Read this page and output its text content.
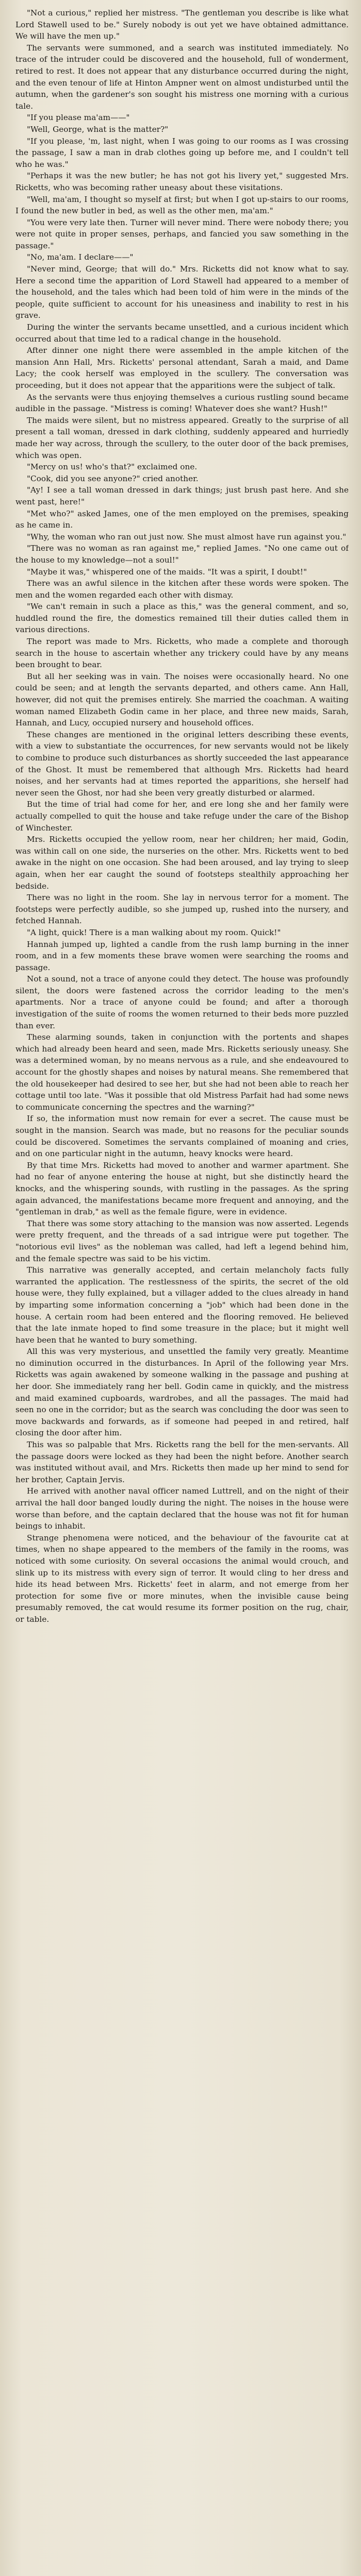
"Not a curious," replied her mistress. "The gentleman you describe is like what Lord Stawell used to be." Surely nobody is out yet we have obtained admittance. We will have the men up."

The servants were summoned, and a search was instituted immediately. No trace of the intruder could be discovered and the household, full of wonderment, retired to rest. It does not appear that any disturbance occurred during the night, and the even tenour of life at Hinton Ampner went on almost undisturbed until the autumn, when the gardener's son sought his mistress one morning with a curious tale.

"If you please ma'am——"

"Well, George, what is the matter?"

"If you please, 'm, last night, when I was going to our rooms as I was crossing the passage, I saw a man in drab clothes going up before me, and I couldn't tell who he was."

"Perhaps it was the new butler; he has not got his livery yet," suggested Mrs. Ricketts, who was becoming rather uneasy about these visitations.

"Well, ma'am, I thought so myself at first; but when I got up-stairs to our rooms, I found the new butler in bed, as well as the other men, ma'am."

"You were very late then. Turner will never mind. There were nobody there; you were not quite in proper senses, perhaps, and fancied you saw something in the passage."

"No, ma'am. I declare——"

"Never mind, George; that will do." Mrs. Ricketts did not know what to say. Here a second time the apparition of Lord Stawell had appeared to a member of the household, and the tales which had been told of him were in the minds of the people, quite sufficient to account for his uneasiness and inability to rest in his grave.

During the winter the servants became unsettled, and a curious incident which occurred about that time led to a radical change in the household.

After dinner one night there were assembled in the ample kitchen of the mansion Ann Hall, Mrs. Ricketts' personal attendant, Sarah a maid, and Dame Lacy; the cook herself was employed in the scullery. The conversation was proceeding, but it does not appear that the apparitions were the subject of talk.

As the servants were thus enjoying themselves a curious rustling sound became audible in the passage. "Mistress is coming! Whatever does she want? Hush!"

The maids were silent, but no mistress appeared. Greatly to the surprise of all present a tall woman, dressed in dark clothing, suddenly appeared and hurriedly made her way across, through the scullery, to the outer door of the back premises, which was open.

"Mercy on us! who's that?" exclaimed one.

"Cook, did you see anyone?" cried another.

"Ay! I see a tall woman dressed in dark things; just brush past here. And she went past, here!"

"Met who?" asked James, one of the men employed on the premises, speaking as he came in.

"Why, the woman who ran out just now. She must almost have run against you."

"There was no woman as ran against me," replied James. "No one came out of the house to my knowledge—not a soul!"

"Maybe it was," whispered one of the maids. "It was a spirit, I doubt!"

There was an awful silence in the kitchen after these words were spoken. The men and the women regarded each other with dismay.

"We can't remain in such a place as this," was the general comment, and so, huddled round the fire, the domestics remained till their duties called them in various directions.

The report was made to Mrs. Ricketts, who made a complete and thorough search in the house to ascertain whether any trickery could have by any means been brought to bear.

But all her seeking was in vain. The noises were occasionally heard. No one could be seen; and at length the servants departed, and others came. Ann Hall, however, did not quit the premises entirely. She married the coachman. A waiting woman named Elizabeth Godin came in her place, and three new maids, Sarah, Hannah, and Lucy, occupied nursery and household offices.

These changes are mentioned in the original letters describing these events, with a view to substantiate the occurrences, for new servants would not be likely to combine to produce such disturbances as shortly succeeded the last appearance of the Ghost. It must be remembered that although Mrs. Ricketts had heard noises, and her servants had at times reported the apparitions, she herself had never seen the Ghost, nor had she been very greatly disturbed or alarmed.

But the time of trial had come for her, and ere long she and her family were actually compelled to quit the house and take refuge under the care of the Bishop of Winchester.

Mrs. Ricketts occupied the yellow room, near her children; her maid, Godin, was within call on one side, the nurseries on the other. Mrs. Ricketts went to bed awake in the night on one occasion. She had been aroused, and lay trying to sleep again, when her ear caught the sound of footsteps stealthily approaching her bedside.

There was no light in the room. She lay in nervous terror for a moment. The footsteps were perfectly audible, so she jumped up, rushed into the nursery, and fetched Hannah.

"A light, quick! There is a man walking about my room. Quick!"

Hannah jumped up, lighted a candle from the rush lamp burning in the inner room, and in a few moments these brave women were searching the rooms and passage.

Not a sound, not a trace of anyone could they detect. The house was profoundly silent, the doors were fastened across the corridor leading to the men's apartments. Nor a trace of anyone could be found; and after a thorough investigation of the suite of rooms the women returned to their beds more puzzled than ever.

These alarming sounds, taken in conjunction with the portents and shapes which had already been heard and seen, made Mrs. Ricketts seriously uneasy. She was a determined woman, by no means nervous as a rule, and she endeavoured to account for the ghostly shapes and noises by natural means. She remembered that the old housekeeper had desired to see her, but she had not been able to reach her cottage until too late. "Was it possible that old Mistress Parfait had had some news to communicate concerning the spectres and the warning?"

If so, the information must now remain for ever a secret. The cause must be sought in the mansion. Search was made, but no reasons for the peculiar sounds could be discovered. Sometimes the servants complained of moaning and cries, and on one particular night in the autumn, heavy knocks were heard.

By that time Mrs. Ricketts had moved to another and warmer apartment. She had no fear of anyone entering the house at night, but she distinctly heard the knocks, and the whispering sounds, with rustling in the passages. As the spring again advanced, the manifestations became more frequent and annoying, and the "gentleman in drab," as well as the female figure, were in evidence.

That there was some story attaching to the mansion was now asserted. Legends were pretty frequent, and the threads of a sad intrigue were put together. The "notorious evil lives" as the nobleman was called, had left a legend behind him, and the female spectre was said to be his victim.

This narrative was generally accepted, and certain melancholy facts fully warranted the application. The restlessness of the spirits, the secret of the old house were, they fully explained, but a villager added to the clues already in hand by imparting some information concerning a "job" which had been done in the house. A certain room had been entered and the flooring removed. He believed that the late inmate hoped to find some treasure in the place; but it might well have been that he wanted to bury something.

All this was very mysterious, and unsettled the family very greatly. Meantime no diminution occurred in the disturbances. In April of the following year Mrs. Ricketts was again awakened by someone walking in the passage and pushing at her door. She immediately rang her bell. Godin came in quickly, and the mistress and maid examined cupboards, wardrobes, and all the passages. The maid had seen no one in the corridor; but as the search was concluding the door was seen to move backwards and forwards, as if someone had peeped in and retired, half closing the door after him.

This was so palpable that Mrs. Ricketts rang the bell for the men-servants. All the passage doors were locked as they had been the night before. Another search was instituted without avail, and Mrs. Ricketts then made up her mind to send for her brother, Captain Jervis.

He arrived with another naval officer named Luttrell, and on the night of their arrival the hall door banged loudly during the night. The noises in the house were worse than before, and the captain declared that the house was not fit for human beings to inhabit.

Strange phenomena were noticed, and the behaviour of the favourite cat at times, when no shape appeared to the members of the family in the rooms, was noticed with some curiosity. On several occasions the animal would crouch, and slink up to its mistress with every sign of terror. It would cling to her dress and hide its head between Mrs. Ricketts' feet in alarm, and not emerge from her protection for some five or more minutes, when the invisible cause being presumably removed, the cat would resume its former position on the rug, chair, or table.
